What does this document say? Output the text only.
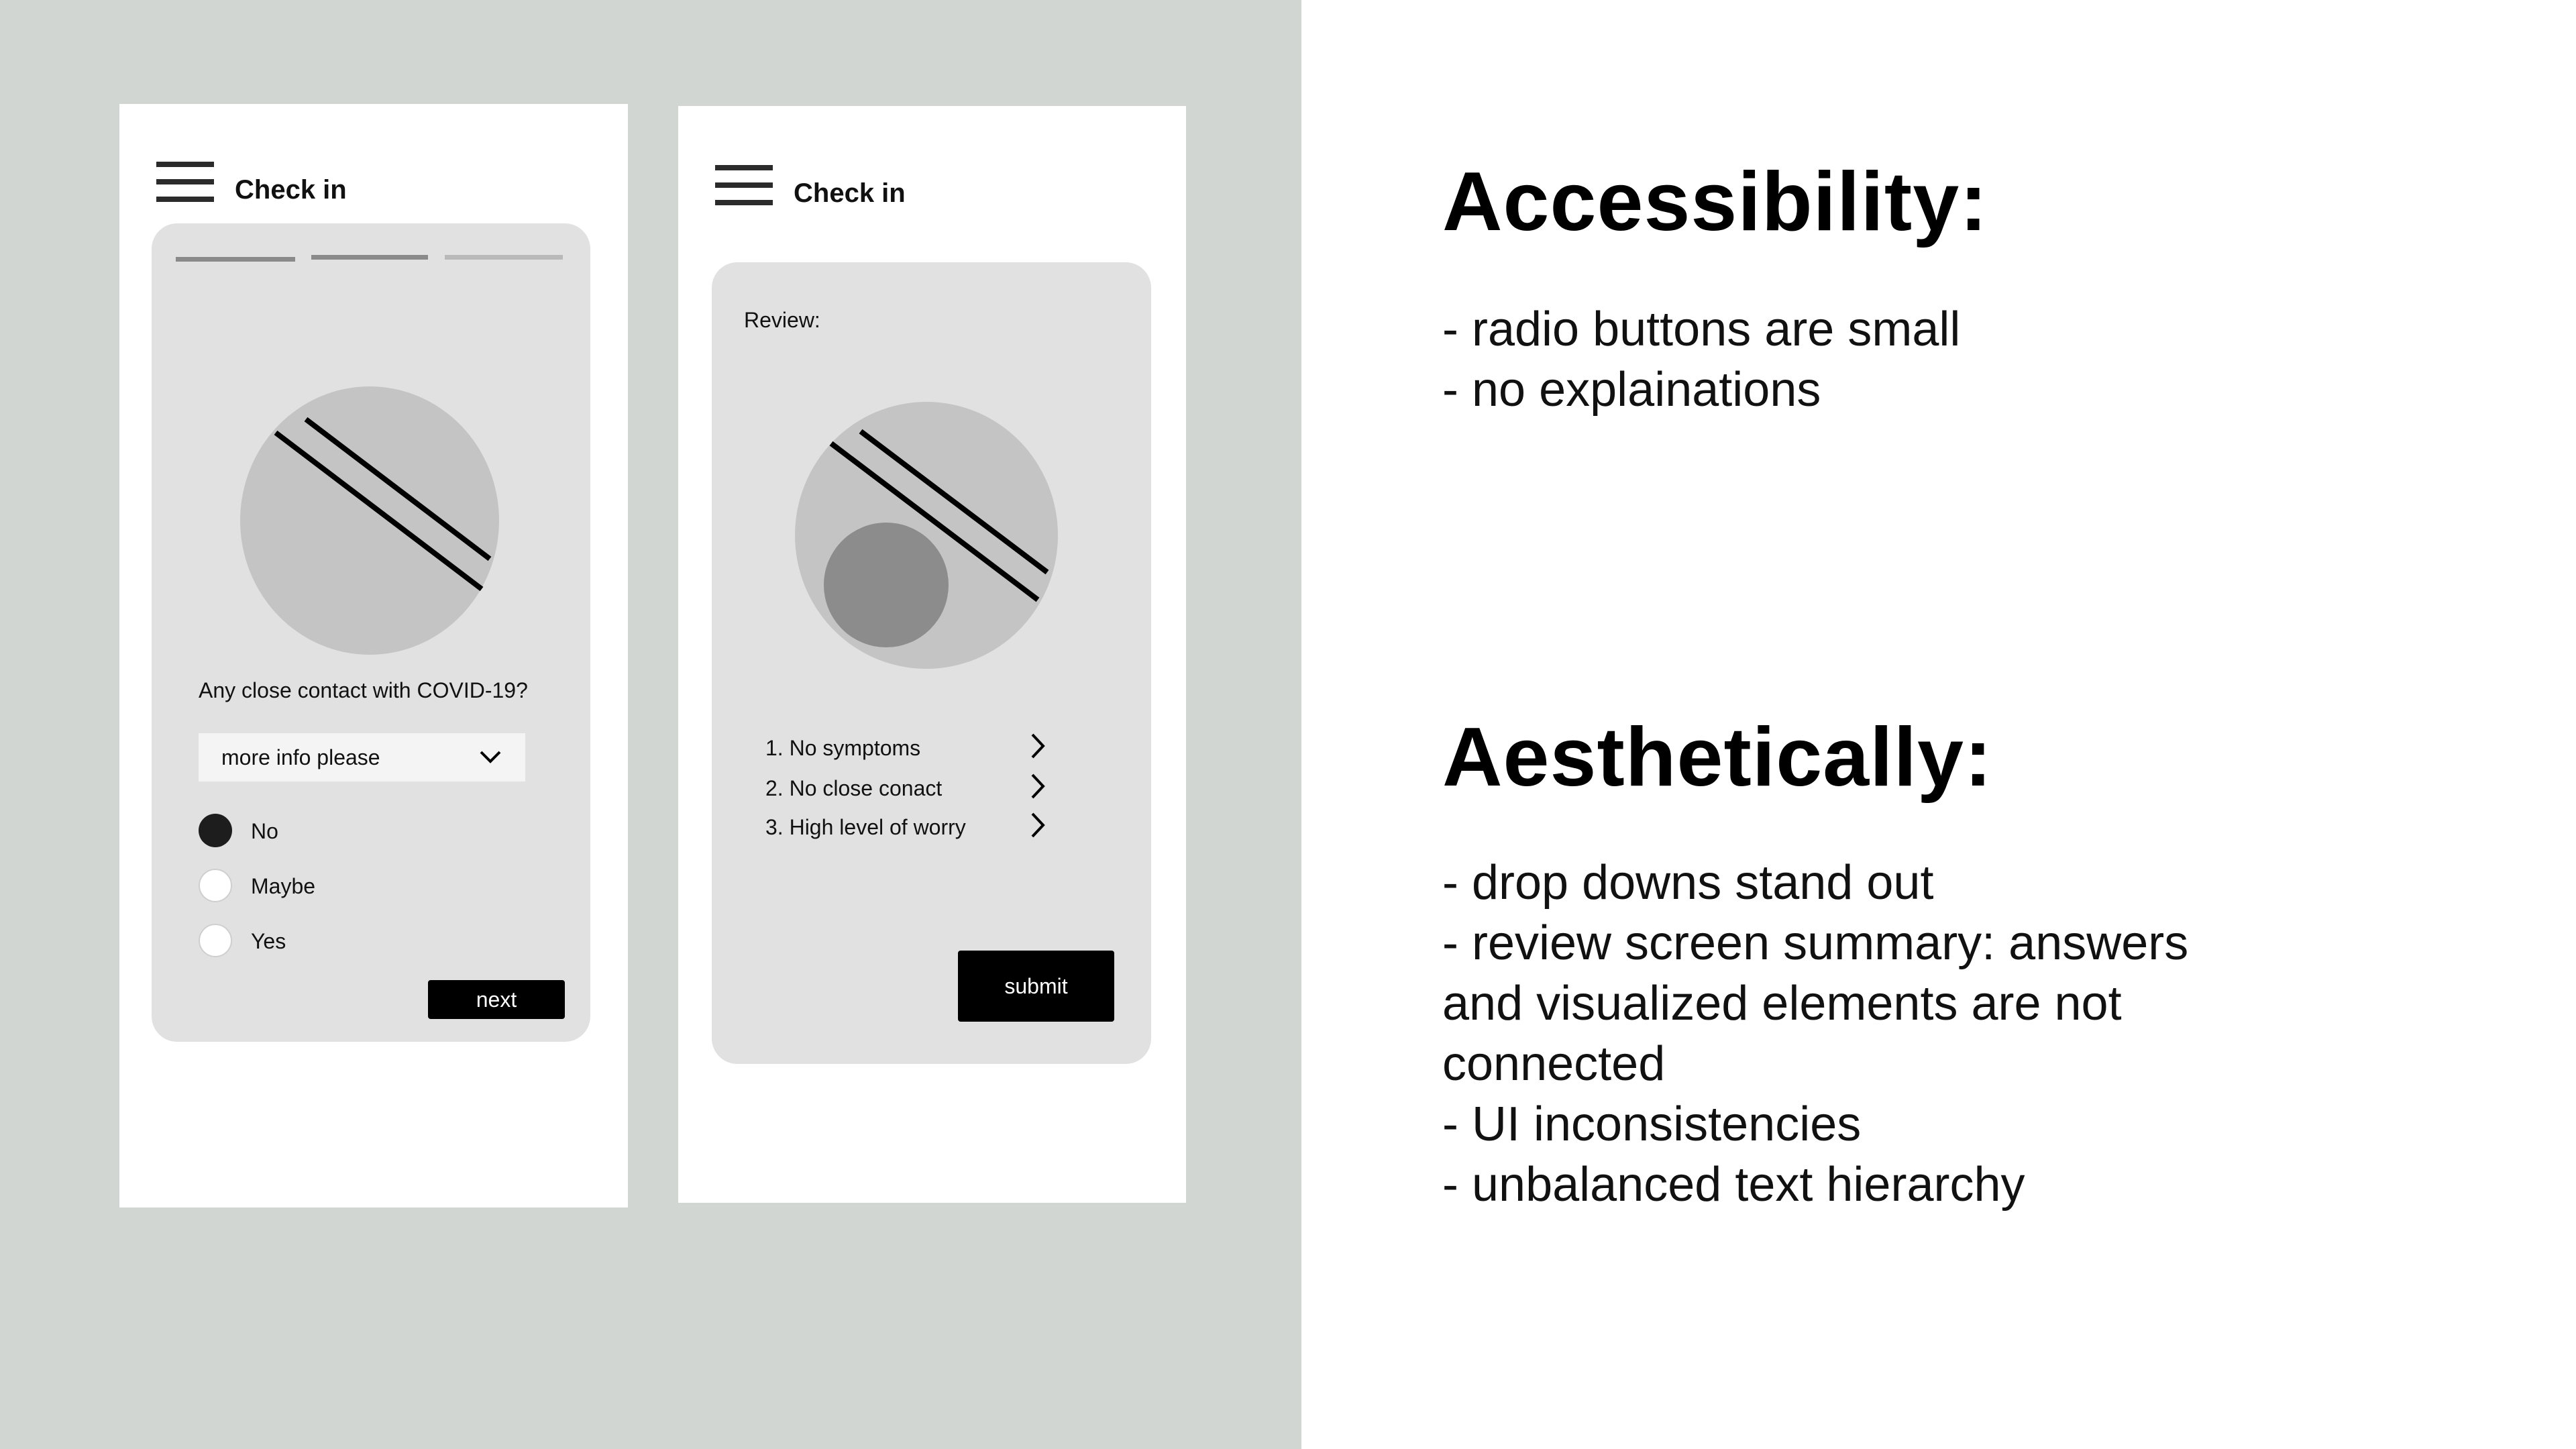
Check in
Any close contact with COVID-19?
more info please
No
Maybe
Yes
next
Check in
Review:
1. No symptoms
2. No close conact
3. High level of worry
submit
Accessibility:
- radio buttons are small
- no explainations
Aesthetically:
- drop downs stand out
- review screen summary: answers
and visualized elements are not
connected
- UI inconsistencies
- unbalanced text hierarchy
